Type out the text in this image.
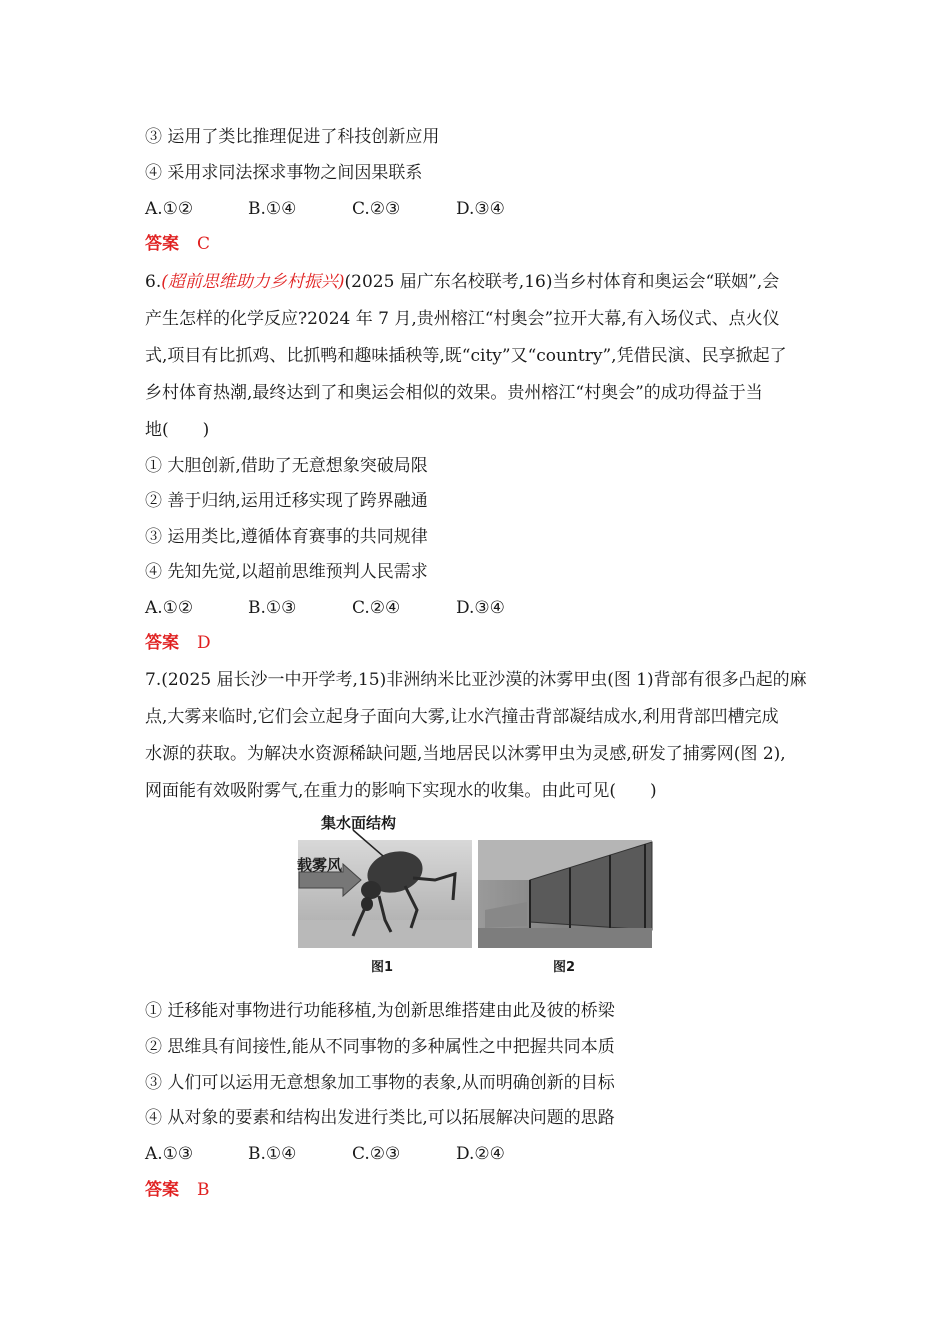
③ 运用了类比推理促进了科技创新应用
④ 采用求同法探求事物之间因果联系
A.①②	B.①④	C.②③	D.③④
答案 C
6.(超前思维助力乡村振兴)(2025 届广东名校联考,16)当乡村体育和奥运会“联姻”,会
产生怎样的化学反应?2024 年 7 月,贵州榕江“村奥会”拉开大幕,有入场仪式、点火仪
式,项目有比抓鸡、比抓鸭和趣味插秧等,既“city”又“country”,凭借民演、民享掀起了
乡村体育热潮,最终达到了和奥运会相似的效果。贵州榕江“村奥会”的成功得益于当
地(　　)
① 大胆创新,借助了无意想象突破局限
② 善于归纳,运用迁移实现了跨界融通
③ 运用类比,遵循体育赛事的共同规律
④ 先知先觉,以超前思维预判人民需求
A.①②	B.①③	C.②④	D.③④
答案 D
7.(2025 届长沙一中开学考,15)非洲纳米比亚沙漠的沐雾甲虫(图 1)背部有很多凸起的麻
点,大雾来临时,它们会立起身子面向大雾,让水汽撞击背部凝结成水,利用背部凹槽完成
水源的获取。为解决水资源稀缺问题,当地居民以沐雾甲虫为灵感,研发了捕雾网(图 2),
网面能有效吸附雾气,在重力的影响下实现水的收集。由此可见(　　)
集水面结构
载雾风
图1	图2
① 迁移能对事物进行功能移植,为创新思维搭建由此及彼的桥梁
② 思维具有间接性,能从不同事物的多种属性之中把握共同本质
③ 人们可以运用无意想象加工事物的表象,从而明确创新的目标
④ 从对象的要素和结构出发进行类比,可以拓展解决问题的思路
A.①③	B.①④	C.②③	D.②④
答案 B
